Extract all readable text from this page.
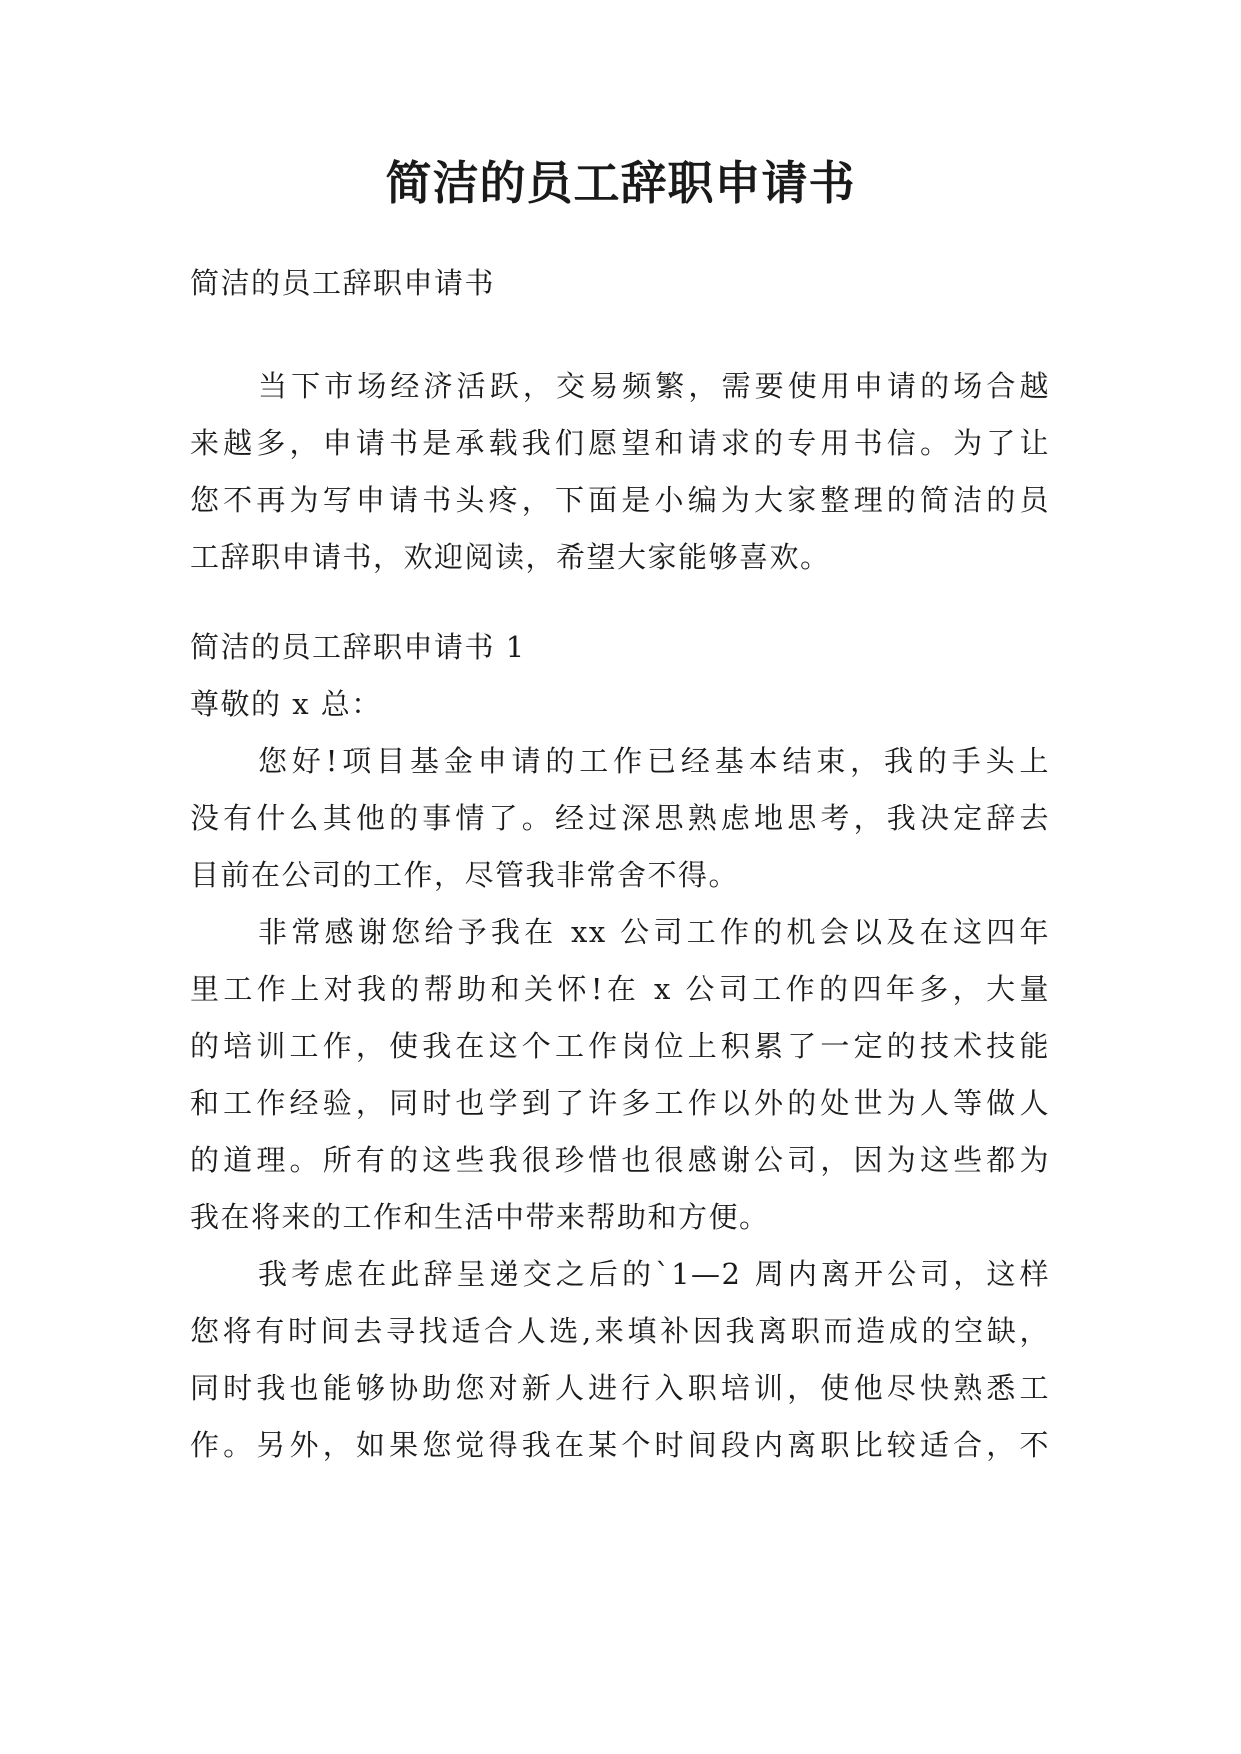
简洁的员工辞职申请书
简洁的员工辞职申请书
当下市场经济活跃，交易频繁，需要使用申请的场合越
来越多，申请书是承载我们愿望和请求的专用书信。为了让
您不再为写申请书头疼，下面是小编为大家整理的简洁的员
工辞职申请书，欢迎阅读，希望大家能够喜欢。
简洁的员工辞职申请书 1
尊敬的 x 总：
您好!项目基金申请的工作已经基本结束，我的手头上
没有什么其他的事情了。经过深思熟虑地思考，我决定辞去
目前在公司的工作，尽管我非常舍不得。
非常感谢您给予我在 xx 公司工作的机会以及在这四年
里工作上对我的帮助和关怀!在 x 公司工作的四年多，大量
的培训工作，使我在这个工作岗位上积累了一定的技术技能
和工作经验，同时也学到了许多工作以外的处世为人等做人
的道理。所有的这些我很珍惜也很感谢公司，因为这些都为
我在将来的工作和生活中带来帮助和方便。
我考虑在此辞呈递交之后的`1—2 周内离开公司，这样
您将有时间去寻找适合人选,来填补因我离职而造成的空缺，
同时我也能够协助您对新人进行入职培训，使他尽快熟悉工
作。另外，如果您觉得我在某个时间段内离职比较适合，不
